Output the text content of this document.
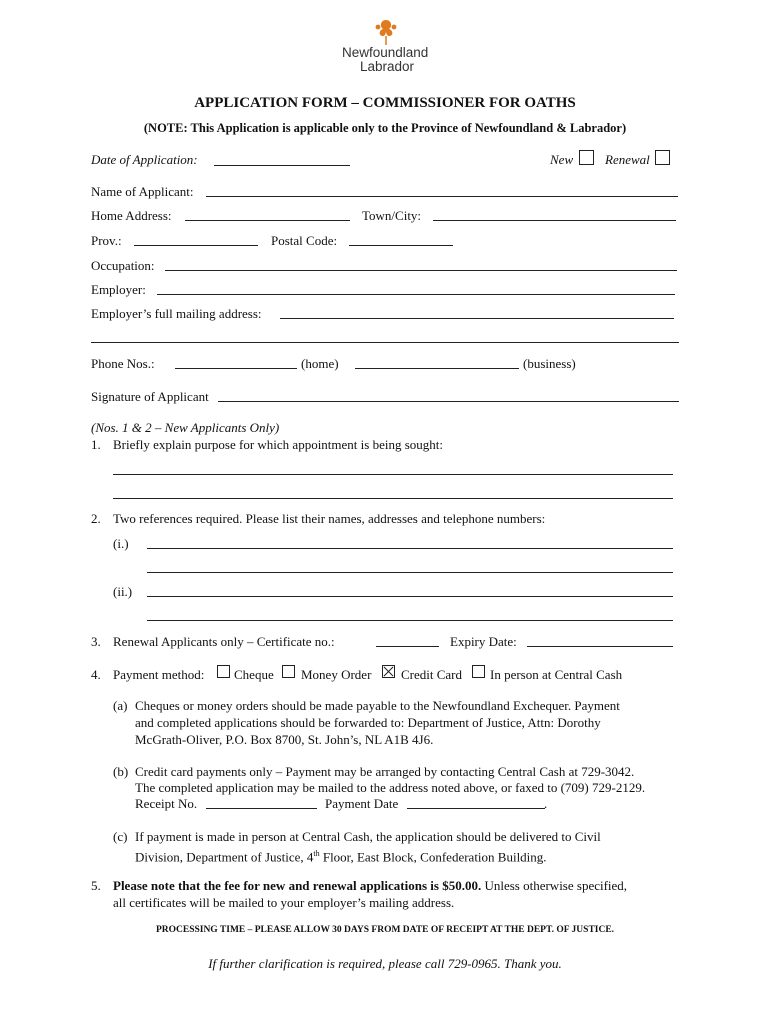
Newfoundland
Labrador
APPLICATION FORM – COMMISSIONER FOR OATHS
(NOTE: This Application is applicable only to the Province of Newfoundland & Labrador)
Date of Application:	New Renewal
Name of Applicant:
Home Address:	Town/City:
Prov.:	Postal Code:
Occupation:
Employer:
Employer’s full mailing address:
Phone Nos.:	(home)	(business)
Signature of Applicant
(Nos. 1 & 2 – New Applicants Only)
1. Briefly explain purpose for which appointment is being sought:
2. Two references required. Please list their names, addresses and telephone numbers:
(i.)
(ii.)
3. Renewal Applicants only – Certificate no.:	Expiry Date:
4. Payment method: Cheque Money Order Credit Card In person at Central Cash
(a) Cheques or money orders should be made payable to the Newfoundland Exchequer. Payment
and completed applications should be forwarded to: Department of Justice, Attn: Dorothy
McGrath-Oliver, P.O. Box 8700, St. John’s, NL A1B 4J6.
(b) Credit card payments only – Payment may be arranged by contacting Central Cash at 729-3042.
The completed application may be mailed to the address noted above, or faxed to (709) 729-2129.
Receipt No.	Payment Date	.
(c) If payment is made in person at Central Cash, the application should be delivered to Civil
Division, Department of Justice, 4th Floor, East Block, Confederation Building.
5. Please note that the fee for new and renewal applications is $50.00. Unless otherwise specified,
all certificates will be mailed to your employer’s mailing address.
PROCESSING TIME – PLEASE ALLOW 30 DAYS FROM DATE OF RECEIPT AT THE DEPT. OF JUSTICE.
If further clarification is required, please call 729-0965. Thank you.
